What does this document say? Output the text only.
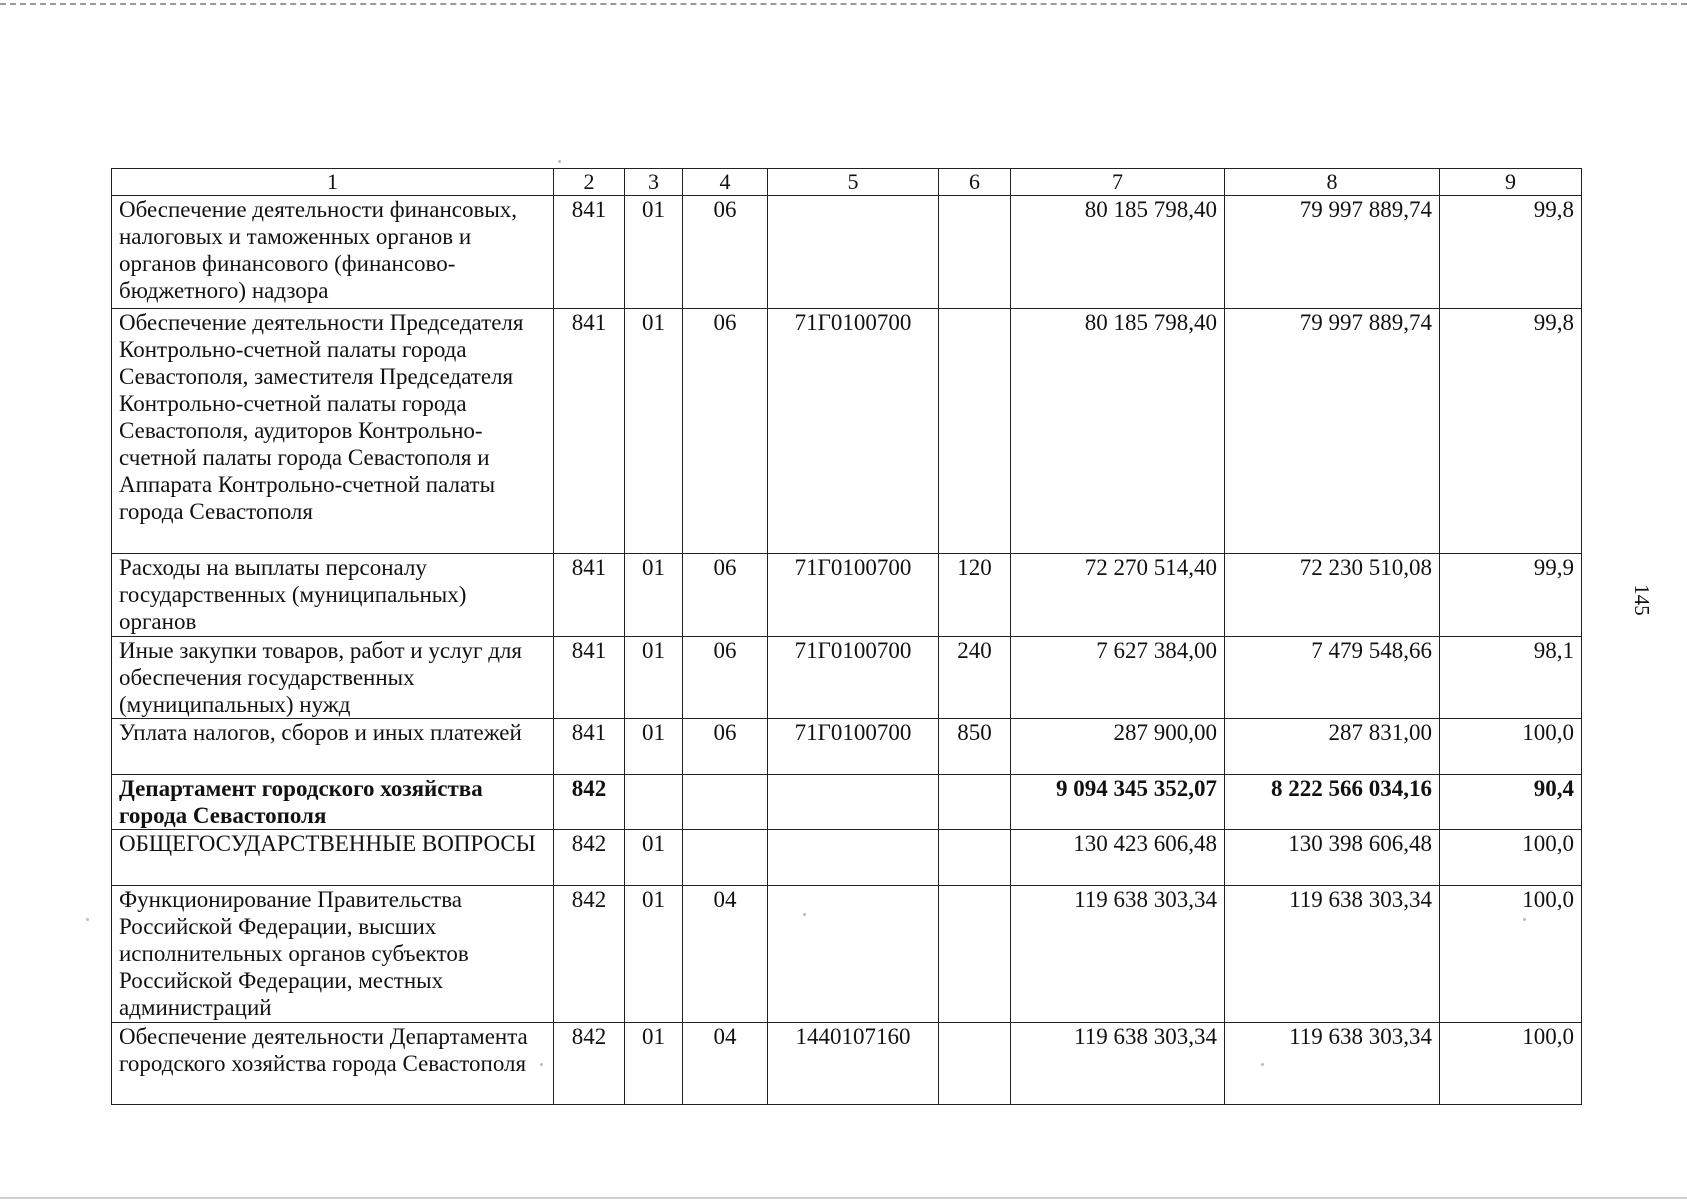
145
1	2	3	4	5	6	7	8	9
Обеспечение деятельности финансовых, налоговых и таможенных органов и органов финансового (финансово-бюджетного) надзора	841	01	06			80 185 798,40	79 997 889,74	99,8
Обеспечение деятельности Председателя Контрольно-счетной палаты города Севастополя, заместителя Председателя Контрольно-счетной палаты города Севастополя, аудиторов Контрольно-счетной палаты города Севастополя и Аппарата Контрольно-счетной палаты города Севастополя	841	01	06	71Г0100700		80 185 798,40	79 997 889,74	99,8
Расходы на выплаты персоналу государственных (муниципальных) органов	841	01	06	71Г0100700	120	72 270 514,40	72 230 510,08	99,9
Иные закупки товаров, работ и услуг для обеспечения государственных (муниципальных) нужд	841	01	06	71Г0100700	240	7 627 384,00	7 479 548,66	98,1
Уплата налогов, сборов и иных платежей	841	01	06	71Г0100700	850	287 900,00	287 831,00	100,0
Департамент городского хозяйства города Севастополя	842					9 094 345 352,07	8 222 566 034,16	90,4
ОБЩЕГОСУДАРСТВЕННЫЕ ВОПРОСЫ	842	01				130 423 606,48	130 398 606,48	100,0
Функционирование Правительства Российской Федерации, высших исполнительных органов субъектов Российской Федерации, местных администраций	842	01	04			119 638 303,34	119 638 303,34	100,0
Обеспечение деятельности Департамента городского хозяйства города Севастополя	842	01	04	1440107160		119 638 303,34	119 638 303,34	100,0
